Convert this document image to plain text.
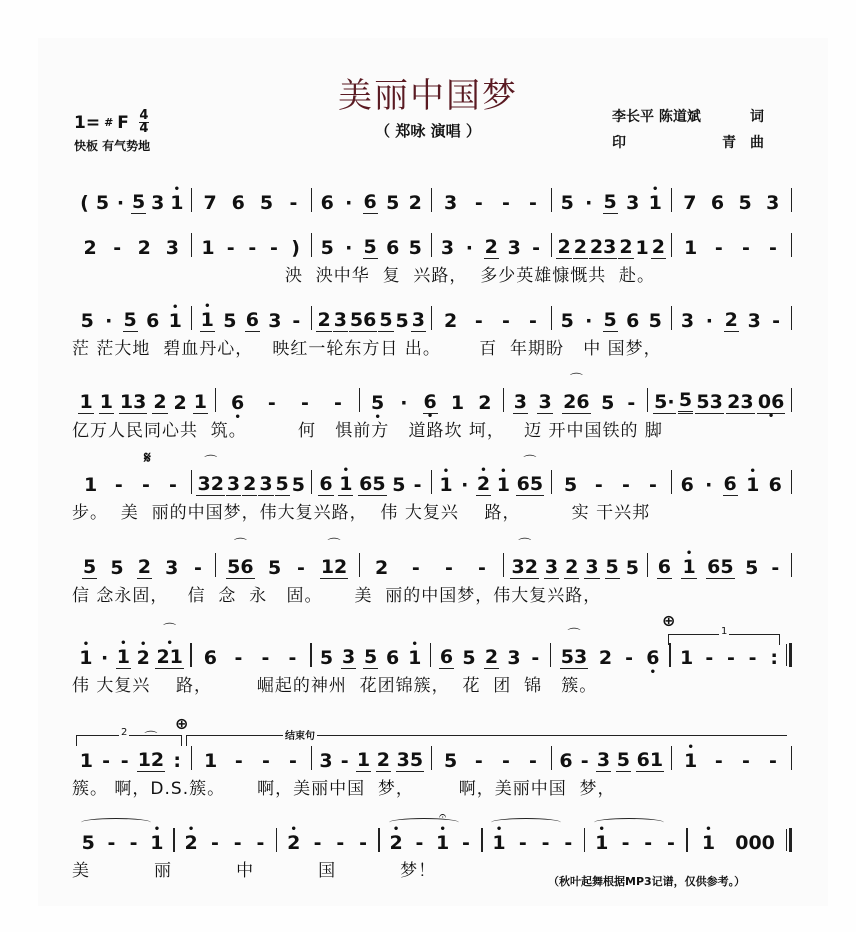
美丽中国梦
（ 郑咏 演唱 ）
1= # F $\frac{4}{4}$
快板 有气势地
李长平 陈道斌	词
印	青 曲
( 5 · 5 3 1
•
7 6 5 - 6 · 6 5 2 3 - - - 5 · 5 3 1
•
7 6 5 3
2 - 2 3 1 - - - ) 5 · 5 6 5 3 · 2 3 - 2 2 23 2 1 2 1 - - -
泱  泱中华  复  兴路，  多少英雄慷慨共  赴。
5 · 5 6 1
•
1
•
5 6 3 - 2 3 56 5 5 3 2 - - - 5 · 5 6 5 3 · 2 3 -
茫 茫大地  碧血丹心，   映红一轮东方日 出。      百  年期盼   中 国梦，
1 1 13 2 2 1 6
•
- - - 5
•
· 6
•
1 2 3 3 26
⌒
5 - 5· 5 53 23 06
•
亿万人民同心共  筑。        何   惧前方   道路坎 坷，   迈 开中国铁的 脚
1 - - - 32
⌒
3 2 3 5 5 6 1
•
65 5 - 1
•
· 2
•
1
•
65
⌒
5 - - - 6 · 6 1
•
6
步。  美  丽的中国梦，伟大复兴路，  伟 大复兴    路，        实 干兴邦
𝄋
5 5 2 3 - 56
⌒
5 - 12
⌒
2 - - - 32
⌒
3 2 3 5 5 6 1
•
65 5 -
信 念永固，   信  念  永   固。     美  丽的中国梦，伟大复兴路，
1
•
· 1
•
2
•
21
•
⌒
6 - - - 5 3 5 6 1
•
6 5 2 3 - 53
⌒
2 - 6
•
1 - - - :
伟 大复兴    路，       崛起的神州  花团锦簇，  花  团  锦   簇。
⊕
1
1 - - 12
⌒
: 1 - - - 3 - 1 2 35 5 - - - 6 - 3 5 61 1
•
- - -
簇。 啊，D.S.簇。     啊，美丽中国  梦，       啊，美丽中国  梦，
⊕
2	结束句
5 - - 1
•
2
•
- - - 2
•
- - - 2
•
- 1
•
𝄐
- 1
•
- - - 1
•
- - - 1
•
000
美          丽          中          国          梦！
（秋叶起舞根据MP3记谱，仅供参考。）
